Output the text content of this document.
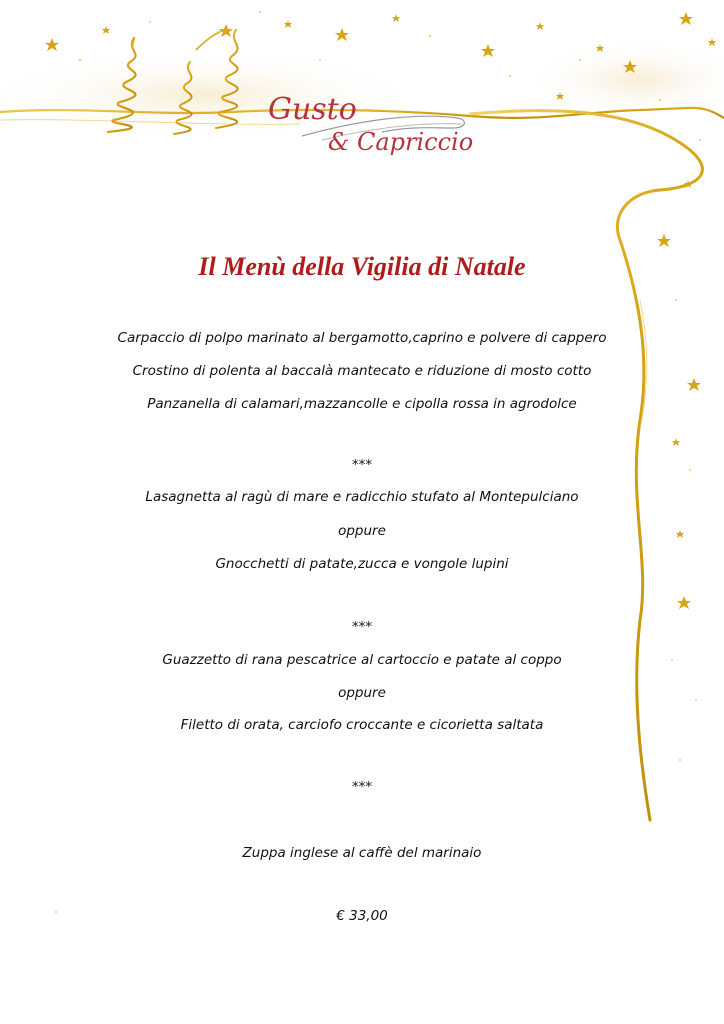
Gusto
& Capriccio
Il Menù della Vigilia di Natale
Carpaccio di polpo marinato al bergamotto,caprino e polvere di cappero
Crostino di polenta al baccalà mantecato e riduzione di mosto cotto
Panzanella di calamari,mazzancolle e cipolla rossa in agrodolce
***
Lasagnetta al ragù di mare e radicchio stufato al Montepulciano
oppure
Gnocchetti di patate,zucca e vongole lupini
***
Guazzetto di rana pescatrice al cartoccio e patate al coppo
oppure
Filetto di orata, carciofo croccante e cicorietta saltata
***
Zuppa inglese al caffè del marinaio
€ 33,00
